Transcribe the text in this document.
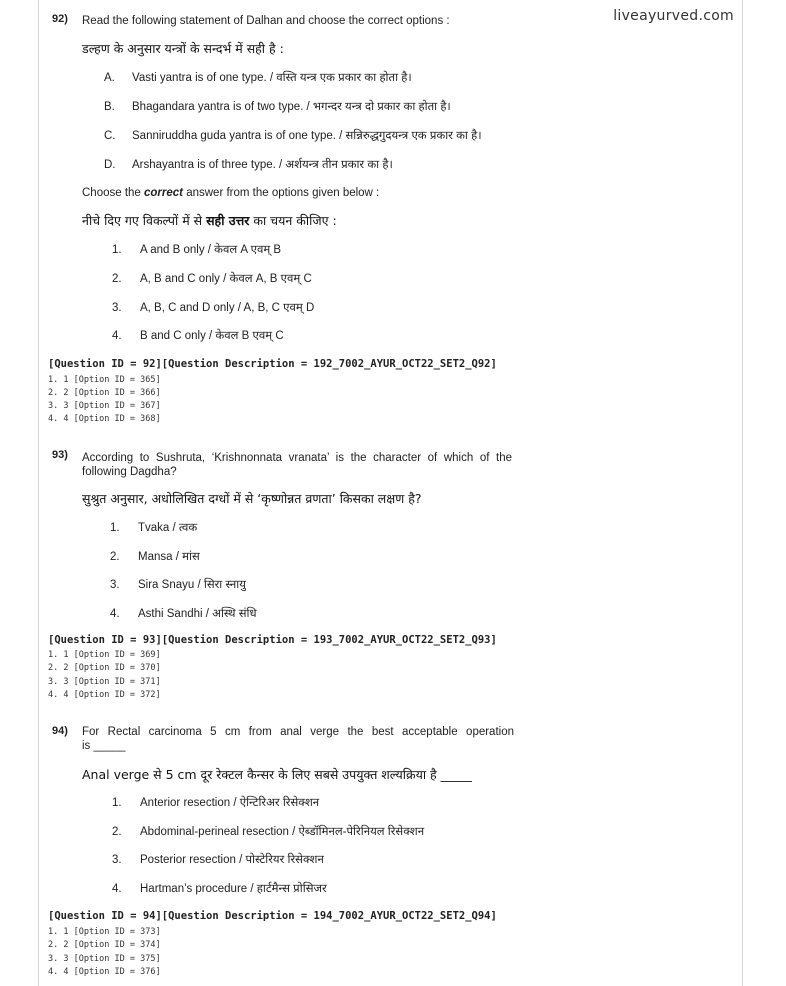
liveayurved.com
92) Read the following statement of Dalhan and choose the correct options :
डल्हण के अनुसार यन्त्रों के सन्दर्भ में सही है :
A. Vasti yantra is of one type. / वस्ति यन्त्र एक प्रकार का होता है।
B. Bhagandara yantra is of two type. / भगन्दर यन्त्र दो प्रकार का होता है।
C. Sanniruddha guda yantra is of one type. / सन्निरुद्धगुदयन्त्र एक प्रकार का है।
D. Arshayantra is of three type. / अर्शयन्त्र तीन प्रकार का है।
Choose the correct answer from the options given below :
नीचे दिए गए विकल्पों में से सही उत्तर का चयन कीजिए :
1. A and B only / केवल A एवम् B
2. A, B and C only / केवल A, B एवम् C
3. A, B, C and D only / A, B, C एवम् D
4. B and C only / केवल B एवम् C
[Question ID = 92][Question Description = 192_7002_AYUR_OCT22_SET2_Q92]
1. 1 [Option ID = 365]
2. 2 [Option ID = 366]
3. 3 [Option ID = 367]
4. 4 [Option ID = 368]
93) According to Sushruta, ‘Krishnonnata vranata’ is the character of which of the
following Dagdha?
सुश्रुत अनुसार, अधोलिखित दग्धों में से ‘कृष्णोन्नत व्रणता’ किसका लक्षण है?
1. Tvaka / त्वक
2. Mansa / मांस
3. Sira Snayu / सिरा स्नायु
4. Asthi Sandhi / अस्थि संधि
[Question ID = 93][Question Description = 193_7002_AYUR_OCT22_SET2_Q93]
1. 1 [Option ID = 369]
2. 2 [Option ID = 370]
3. 3 [Option ID = 371]
4. 4 [Option ID = 372]
94) For Rectal carcinoma 5 cm from anal verge the best acceptable operation
is _____
Anal verge से 5 cm दूर रेक्टल कैन्सर के लिए सबसे उपयुक्त शल्यक्रिया है _____
1. Anterior resection / ऐन्टिरिअर रिसेक्शन
2. Abdominal-perineal resection / ऐब्डॉमिनल-पेरिनियल रिसेक्शन
3. Posterior resection / पोस्टेरियर रिसेक्शन
4. Hartman’s procedure / हार्टमैन्स प्रोसिजर
[Question ID = 94][Question Description = 194_7002_AYUR_OCT22_SET2_Q94]
1. 1 [Option ID = 373]
2. 2 [Option ID = 374]
3. 3 [Option ID = 375]
4. 4 [Option ID = 376]
